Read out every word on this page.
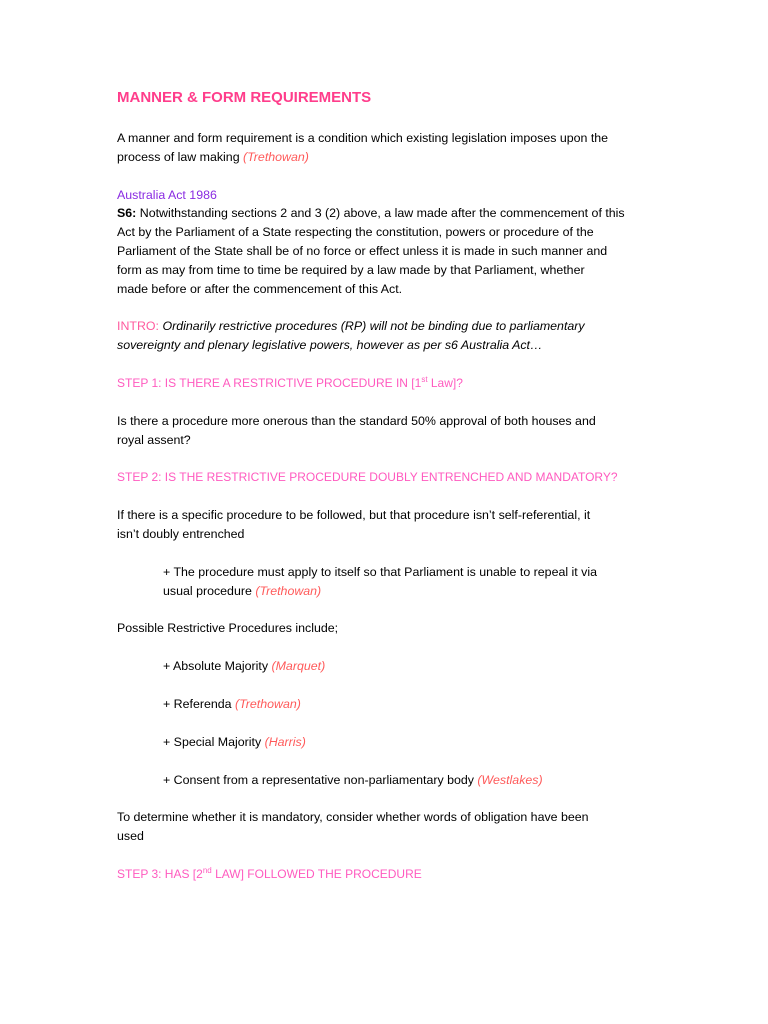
MANNER & FORM REQUIREMENTS

A manner and form requirement is a condition which existing legislation imposes upon the

process of law making (Trethowan)

Australia Act 1986

S6: Notwithstanding sections 2 and 3 (2) above, a law made after the commencement of this

Act by the Parliament of a State respecting the constitution, powers or procedure of the

Parliament of the State shall be of no force or effect unless it is made in such manner and

form as may from time to time be required by a law made by that Parliament, whether

made before or after the commencement of this Act.

INTRO: Ordinarily restrictive procedures (RP) will not be binding due to parliamentary

sovereignty and plenary legislative powers, however as per s6 Australia Act…

STEP 1: IS THERE A RESTRICTIVE PROCEDURE IN [1st Law]?

Is there a procedure more onerous than the standard 50% approval of both houses and

royal assent?

STEP 2: IS THE RESTRICTIVE PROCEDURE DOUBLY ENTRENCHED AND MANDATORY?

If there is a specific procedure to be followed, but that procedure isn’t self-referential, it

isn’t doubly entrenched

+ The procedure must apply to itself so that Parliament is unable to repeal it via

usual procedure (Trethowan)

Possible Restrictive Procedures include;

+ Absolute Majority (Marquet)

+ Referenda (Trethowan)

+ Special Majority (Harris)

+ Consent from a representative non-parliamentary body (Westlakes)

To determine whether it is mandatory, consider whether words of obligation have been

used

STEP 3: HAS [2nd LAW] FOLLOWED THE PROCEDURE
